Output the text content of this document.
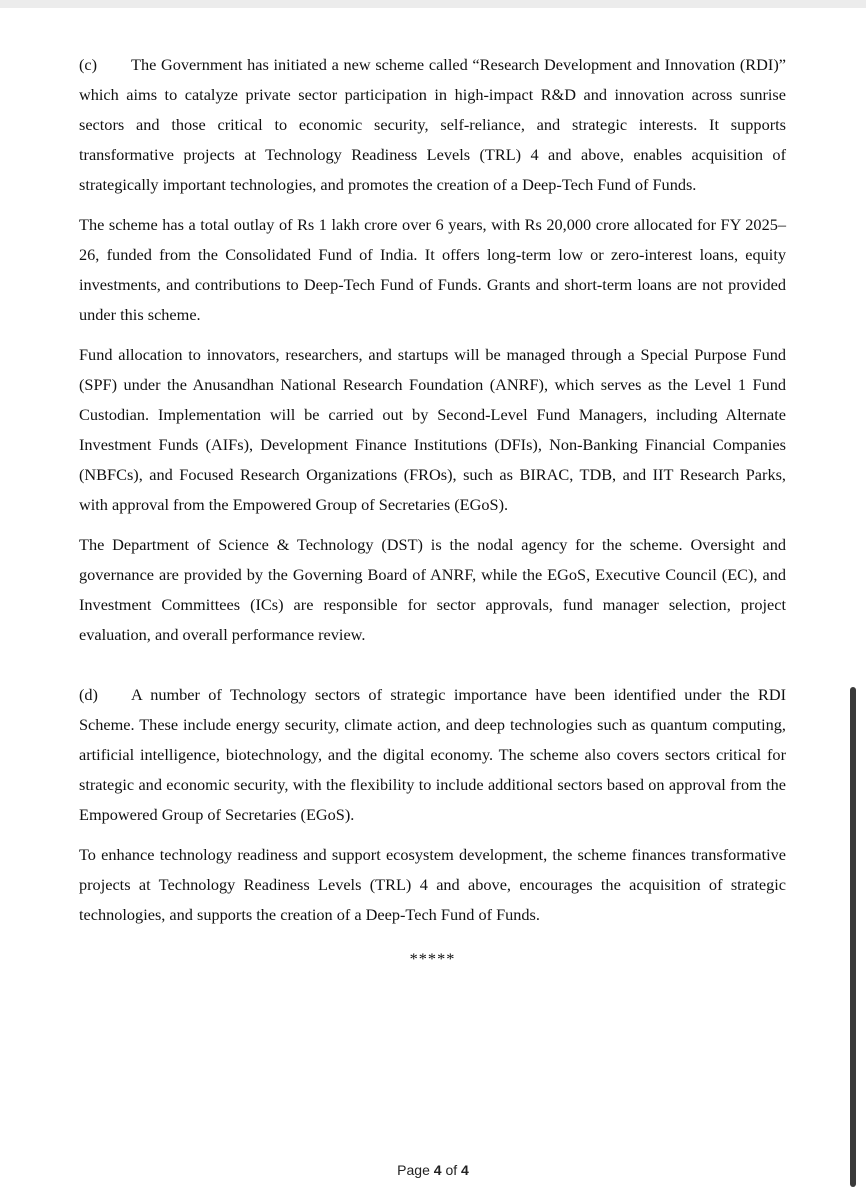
(c) The Government has initiated a new scheme called “Research Development and Innovation (RDI)” which aims to catalyze private sector participation in high-impact R&D and innovation across sunrise sectors and those critical to economic security, self-reliance, and strategic interests. It supports transformative projects at Technology Readiness Levels (TRL) 4 and above, enables acquisition of strategically important technologies, and promotes the creation of a Deep-Tech Fund of Funds.

The scheme has a total outlay of Rs 1 lakh crore over 6 years, with Rs 20,000 crore allocated for FY 2025–26, funded from the Consolidated Fund of India. It offers long-term low or zero-interest loans, equity investments, and contributions to Deep-Tech Fund of Funds. Grants and short-term loans are not provided under this scheme.

Fund allocation to innovators, researchers, and startups will be managed through a Special Purpose Fund (SPF) under the Anusandhan National Research Foundation (ANRF), which serves as the Level 1 Fund Custodian. Implementation will be carried out by Second-Level Fund Managers, including Alternate Investment Funds (AIFs), Development Finance Institutions (DFIs), Non-Banking Financial Companies (NBFCs), and Focused Research Organizations (FROs), such as BIRAC, TDB, and IIT Research Parks, with approval from the Empowered Group of Secretaries (EGoS).

The Department of Science & Technology (DST) is the nodal agency for the scheme. Oversight and governance are provided by the Governing Board of ANRF, while the EGoS, Executive Council (EC), and Investment Committees (ICs) are responsible for sector approvals, fund manager selection, project evaluation, and overall performance review.

(d) A number of Technology sectors of strategic importance have been identified under the RDI Scheme. These include energy security, climate action, and deep technologies such as quantum computing, artificial intelligence, biotechnology, and the digital economy. The scheme also covers sectors critical for strategic and economic security, with the flexibility to include additional sectors based on approval from the Empowered Group of Secretaries (EGoS).

To enhance technology readiness and support ecosystem development, the scheme finances transformative projects at Technology Readiness Levels (TRL) 4 and above, encourages the acquisition of strategic technologies, and supports the creation of a Deep-Tech Fund of Funds.

*****
Page 4 of 4
